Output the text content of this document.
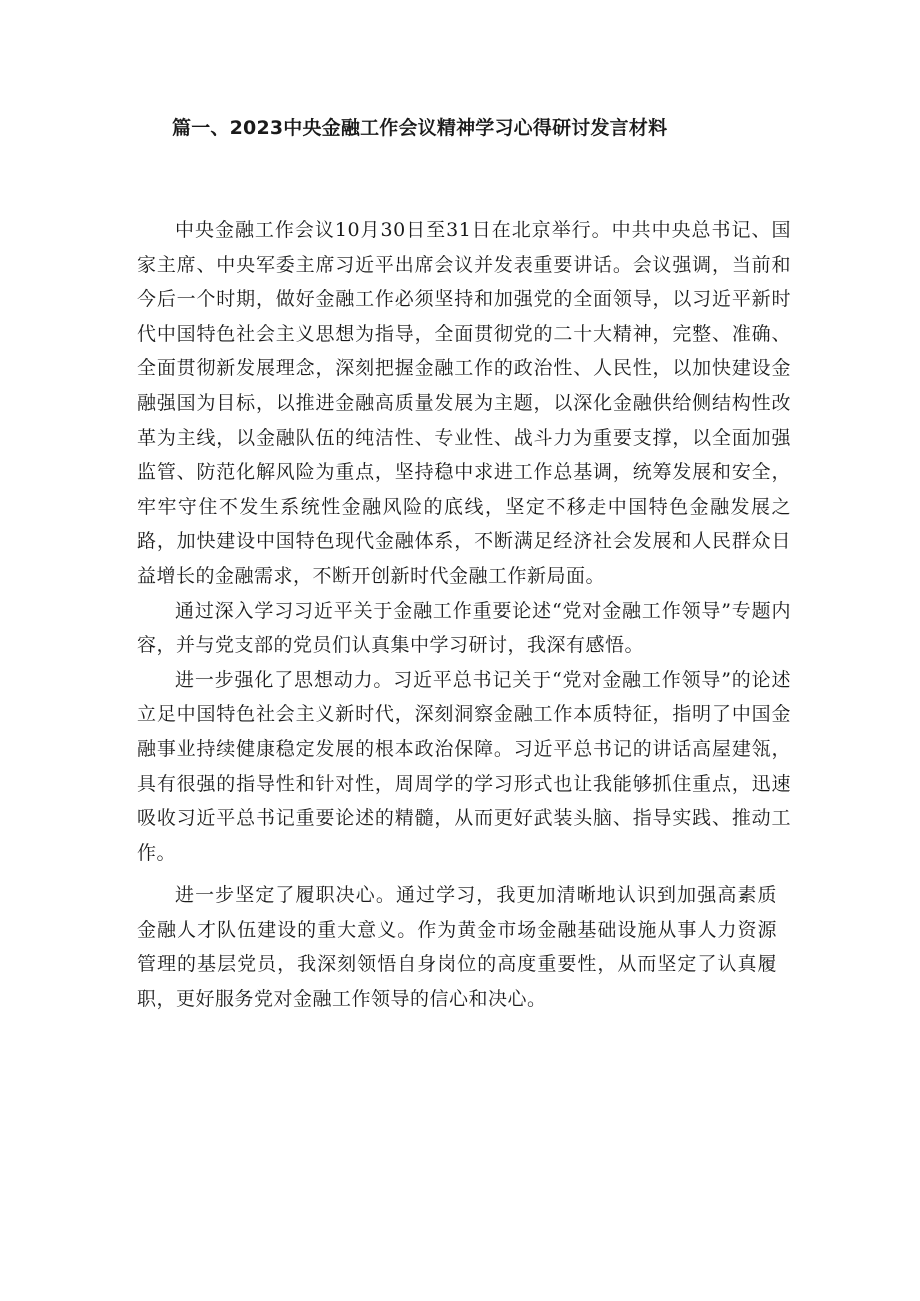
篇一、2023中央金融工作会议精神学习心得研讨发言材料

中央金融工作会议10月30日至31日在北京举行。中共中央总书记、国家主席、中央军委主席习近平出席会议并发表重要讲话。会议强调，当前和今后一个时期，做好金融工作必须坚持和加强党的全面领导，以习近平新时代中国特色社会主义思想为指导，全面贯彻党的二十大精神，完整、准确、全面贯彻新发展理念，深刻把握金融工作的政治性、人民性，以加快建设金融强国为目标，以推进金融高质量发展为主题，以深化金融供给侧结构性改革为主线，以金融队伍的纯洁性、专业性、战斗力为重要支撑，以全面加强监管、防范化解风险为重点，坚持稳中求进工作总基调，统筹发展和安全，牢牢守住不发生系统性金融风险的底线，坚定不移走中国特色金融发展之路，加快建设中国特色现代金融体系，不断满足经济社会发展和人民群众日益增长的金融需求，不断开创新时代金融工作新局面。

通过深入学习习近平关于金融工作重要论述“党对金融工作领导”专题内容，并与党支部的党员们认真集中学习研讨，我深有感悟。

进一步强化了思想动力。习近平总书记关于“党对金融工作领导”的论述立足中国特色社会主义新时代，深刻洞察金融工作本质特征，指明了中国金融事业持续健康稳定发展的根本政治保障。习近平总书记的讲话高屋建瓴，具有很强的指导性和针对性，周周学的学习形式也让我能够抓住重点，迅速吸收习近平总书记重要论述的精髓，从而更好武装头脑、指导实践、推动工作。

进一步坚定了履职决心。通过学习，我更加清晰地认识到加强高素质金融人才队伍建设的重大意义。作为黄金市场金融基础设施从事人力资源管理的基层党员，我深刻领悟自身岗位的高度重要性，从而坚定了认真履职，更好服务党对金融工作领导的信心和决心。
